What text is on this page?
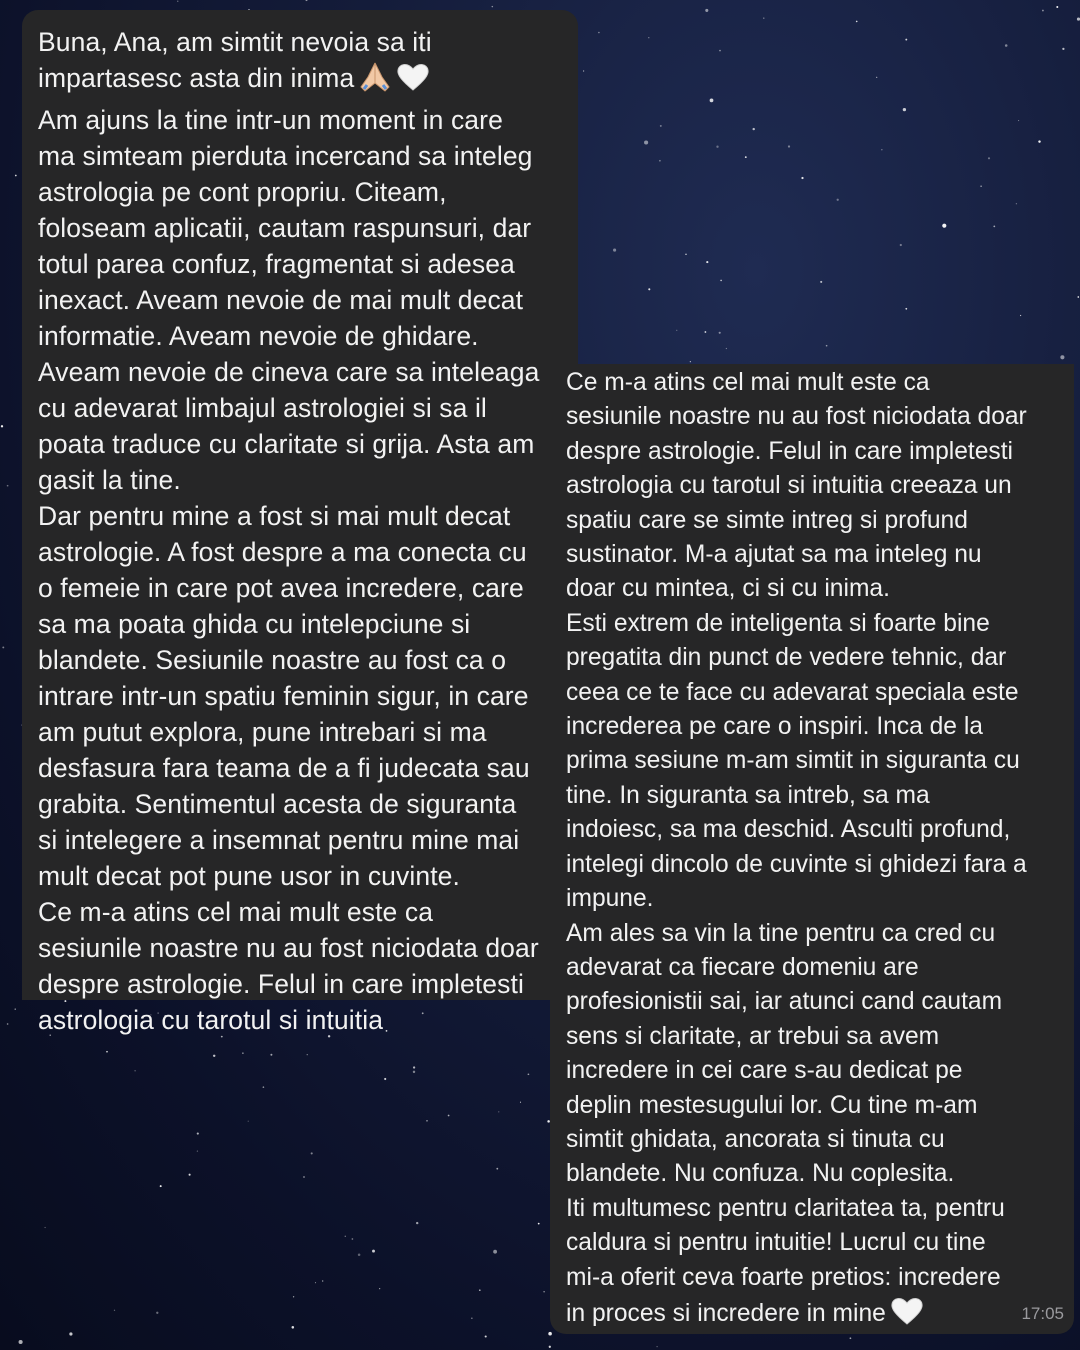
Buna, Ana, am simtit nevoia sa iti
impartasesc asta din inima
Am ajuns la tine intr-un moment in care
ma simteam pierduta incercand sa inteleg
astrologia pe cont propriu. Citeam,
foloseam aplicatii, cautam raspunsuri, dar
totul parea confuz, fragmentat si adesea
inexact. Aveam nevoie de mai mult decat
informatie. Aveam nevoie de ghidare.
Aveam nevoie de cineva care sa inteleaga
cu adevarat limbajul astrologiei si sa il
poata traduce cu claritate si grija. Asta am
gasit la tine.
Dar pentru mine a fost si mai mult decat
astrologie. A fost despre a ma conecta cu
o femeie in care pot avea incredere, care
sa ma poata ghida cu intelepciune si
blandete. Sesiunile noastre au fost ca o
intrare intr-un spatiu feminin sigur, in care
am putut explora, pune intrebari si ma
desfasura fara teama de a fi judecata sau
grabita. Sentimentul acesta de siguranta
si intelegere a insemnat pentru mine mai
mult decat pot pune usor in cuvinte.
Ce m-a atins cel mai mult este ca
sesiunile noastre nu au fost niciodata doar
despre astrologie. Felul in care impletesti
astrologia cu tarotul si intuitia
Ce m-a atins cel mai mult este ca
sesiunile noastre nu au fost niciodata doar
despre astrologie. Felul in care impletesti
astrologia cu tarotul si intuitia creeaza un
spatiu care se simte intreg si profund
sustinator. M-a ajutat sa ma inteleg nu
doar cu mintea, ci si cu inima.
Esti extrem de inteligenta si foarte bine
pregatita din punct de vedere tehnic, dar
ceea ce te face cu adevarat speciala este
increderea pe care o inspiri. Inca de la
prima sesiune m-am simtit in siguranta cu
tine. In siguranta sa intreb, sa ma
indoiesc, sa ma deschid. Asculti profund,
intelegi dincolo de cuvinte si ghidezi fara a
impune.
Am ales sa vin la tine pentru ca cred cu
adevarat ca fiecare domeniu are
profesionistii sai, iar atunci cand cautam
sens si claritate, ar trebui sa avem
incredere in cei care s-au dedicat pe
deplin mestesugului lor. Cu tine m-am
simtit ghidata, ancorata si tinuta cu
blandete. Nu confuza. Nu coplesita.
Iti multumesc pentru claritatea ta, pentru
caldura si pentru intuitie! Lucrul cu tine
mi-a oferit ceva foarte pretios: incredere
in proces si incredere in mine	17:05
